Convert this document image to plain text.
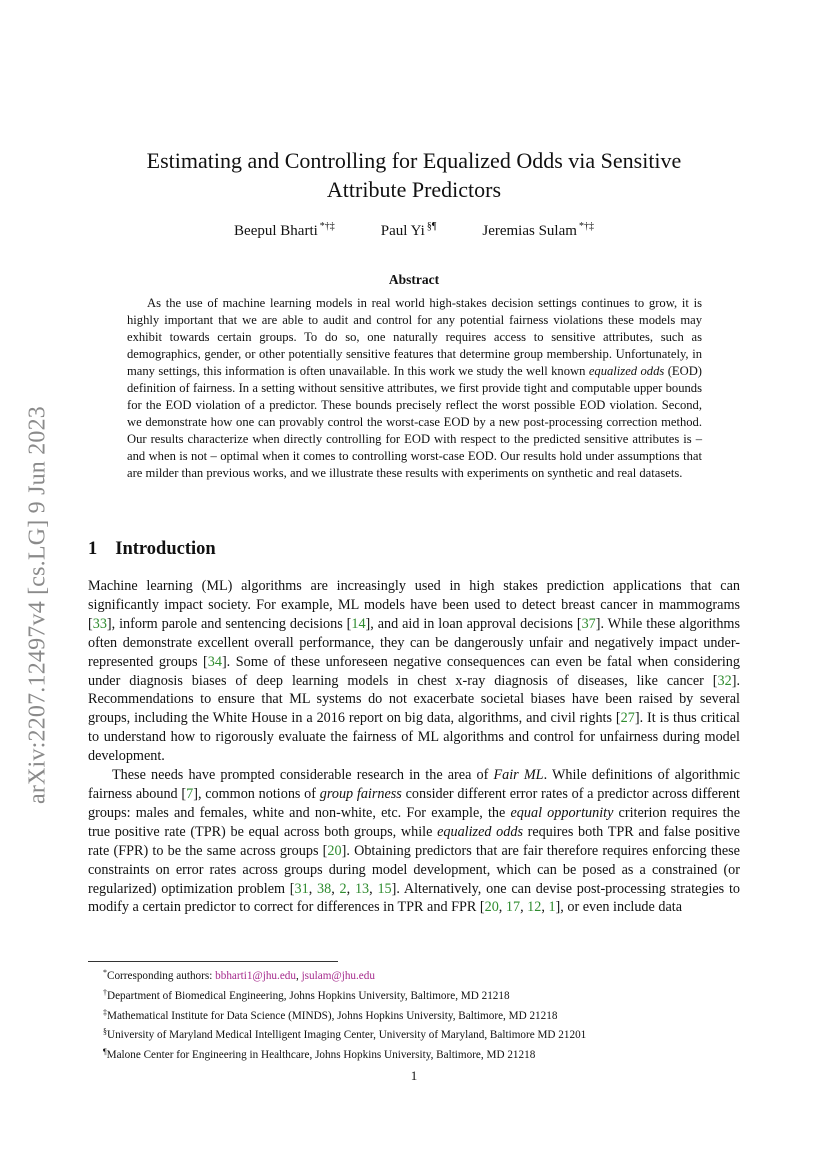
arXiv:2207.12497v4 [cs.LG] 9 Jun 2023
Estimating and Controlling for Equalized Odds via Sensitive
Attribute Predictors
Beepul Bharti *†‡	Paul Yi §¶	Jeremias Sulam *†‡
Abstract
As the use of machine learning models in real world high-stakes decision settings continues to grow, it is highly important that we are able to audit and control for any potential fairness violations these models may exhibit towards certain groups. To do so, one naturally requires access to sensitive attributes, such as demographics, gender, or other potentially sensitive features that determine group membership. Unfortunately, in many settings, this information is often unavailable. In this work we study the well known equalized odds (EOD) definition of fairness. In a setting without sensitive attributes, we first provide tight and computable upper bounds for the EOD violation of a predictor. These bounds precisely reflect the worst possible EOD violation. Second, we demonstrate how one can provably control the worst-case EOD by a new post-processing correction method. Our results characterize when directly controlling for EOD with respect to the predicted sensitive attributes is – and when is not – optimal when it comes to controlling worst-case EOD. Our results hold under assumptions that are milder than previous works, and we illustrate these results with experiments on synthetic and real datasets.
1 Introduction

Machine learning (ML) algorithms are increasingly used in high stakes prediction applications that can significantly impact society. For example, ML models have been used to detect breast cancer in mammograms [33], inform parole and sentencing decisions [14], and aid in loan approval decisions [37]. While these algorithms often demonstrate excellent overall performance, they can be dangerously unfair and negatively impact under-represented groups [34]. Some of these unforeseen negative consequences can even be fatal when considering under diagnosis biases of deep learning models in chest x-ray diagnosis of diseases, like cancer [32]. Recommendations to ensure that ML systems do not exacerbate societal biases have been raised by several groups, including the White House in a 2016 report on big data, algorithms, and civil rights [27]. It is thus critical to understand how to rigorously evaluate the fairness of ML algorithms and control for unfairness during model development.

These needs have prompted considerable research in the area of Fair ML. While definitions of algorithmic fairness abound [7], common notions of group fairness consider different error rates of a predictor across different groups: males and females, white and non-white, etc. For example, the equal opportunity criterion requires the true positive rate (TPR) be equal across both groups, while equalized odds requires both TPR and false positive rate (FPR) to be the same across groups [20]. Obtaining predictors that are fair therefore requires enforcing these constraints on error rates across groups during model development, which can be posed as a constrained (or regularized) optimization problem [31, 38, 2, 13, 15]. Alternatively, one can devise post-processing strategies to modify a certain predictor to correct for differences in TPR and FPR [20, 17, 12, 1], or even include data

*Corresponding authors: bbharti1@jhu.edu, jsulam@jhu.edu
†Department of Biomedical Engineering, Johns Hopkins University, Baltimore, MD 21218
‡Mathematical Institute for Data Science (MINDS), Johns Hopkins University, Baltimore, MD 21218
§University of Maryland Medical Intelligent Imaging Center, University of Maryland, Baltimore MD 21201
¶Malone Center for Engineering in Healthcare, Johns Hopkins University, Baltimore, MD 21218
1
